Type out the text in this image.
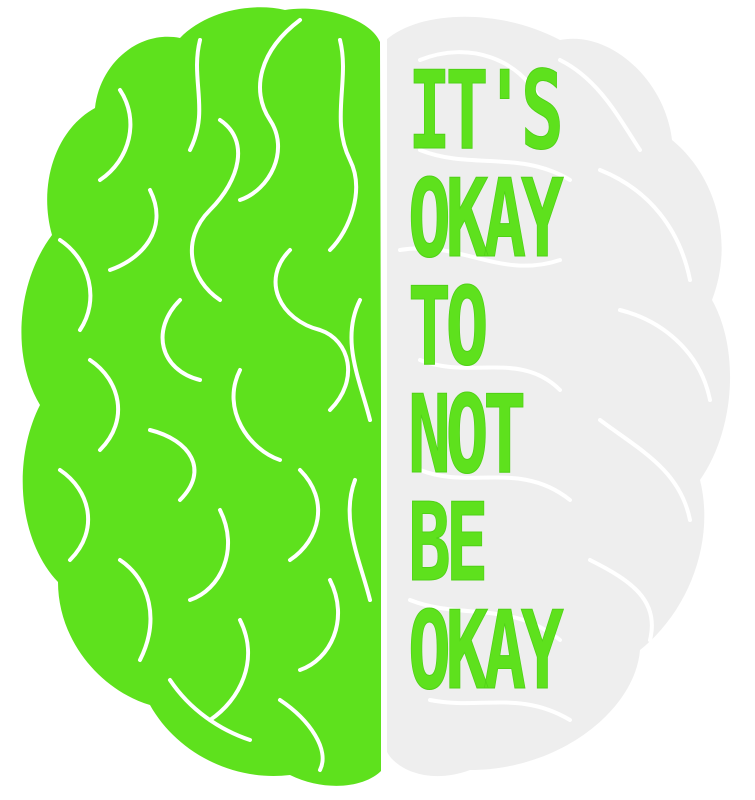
IT'S
OKAY
TO
NOT
BE
OKAY
